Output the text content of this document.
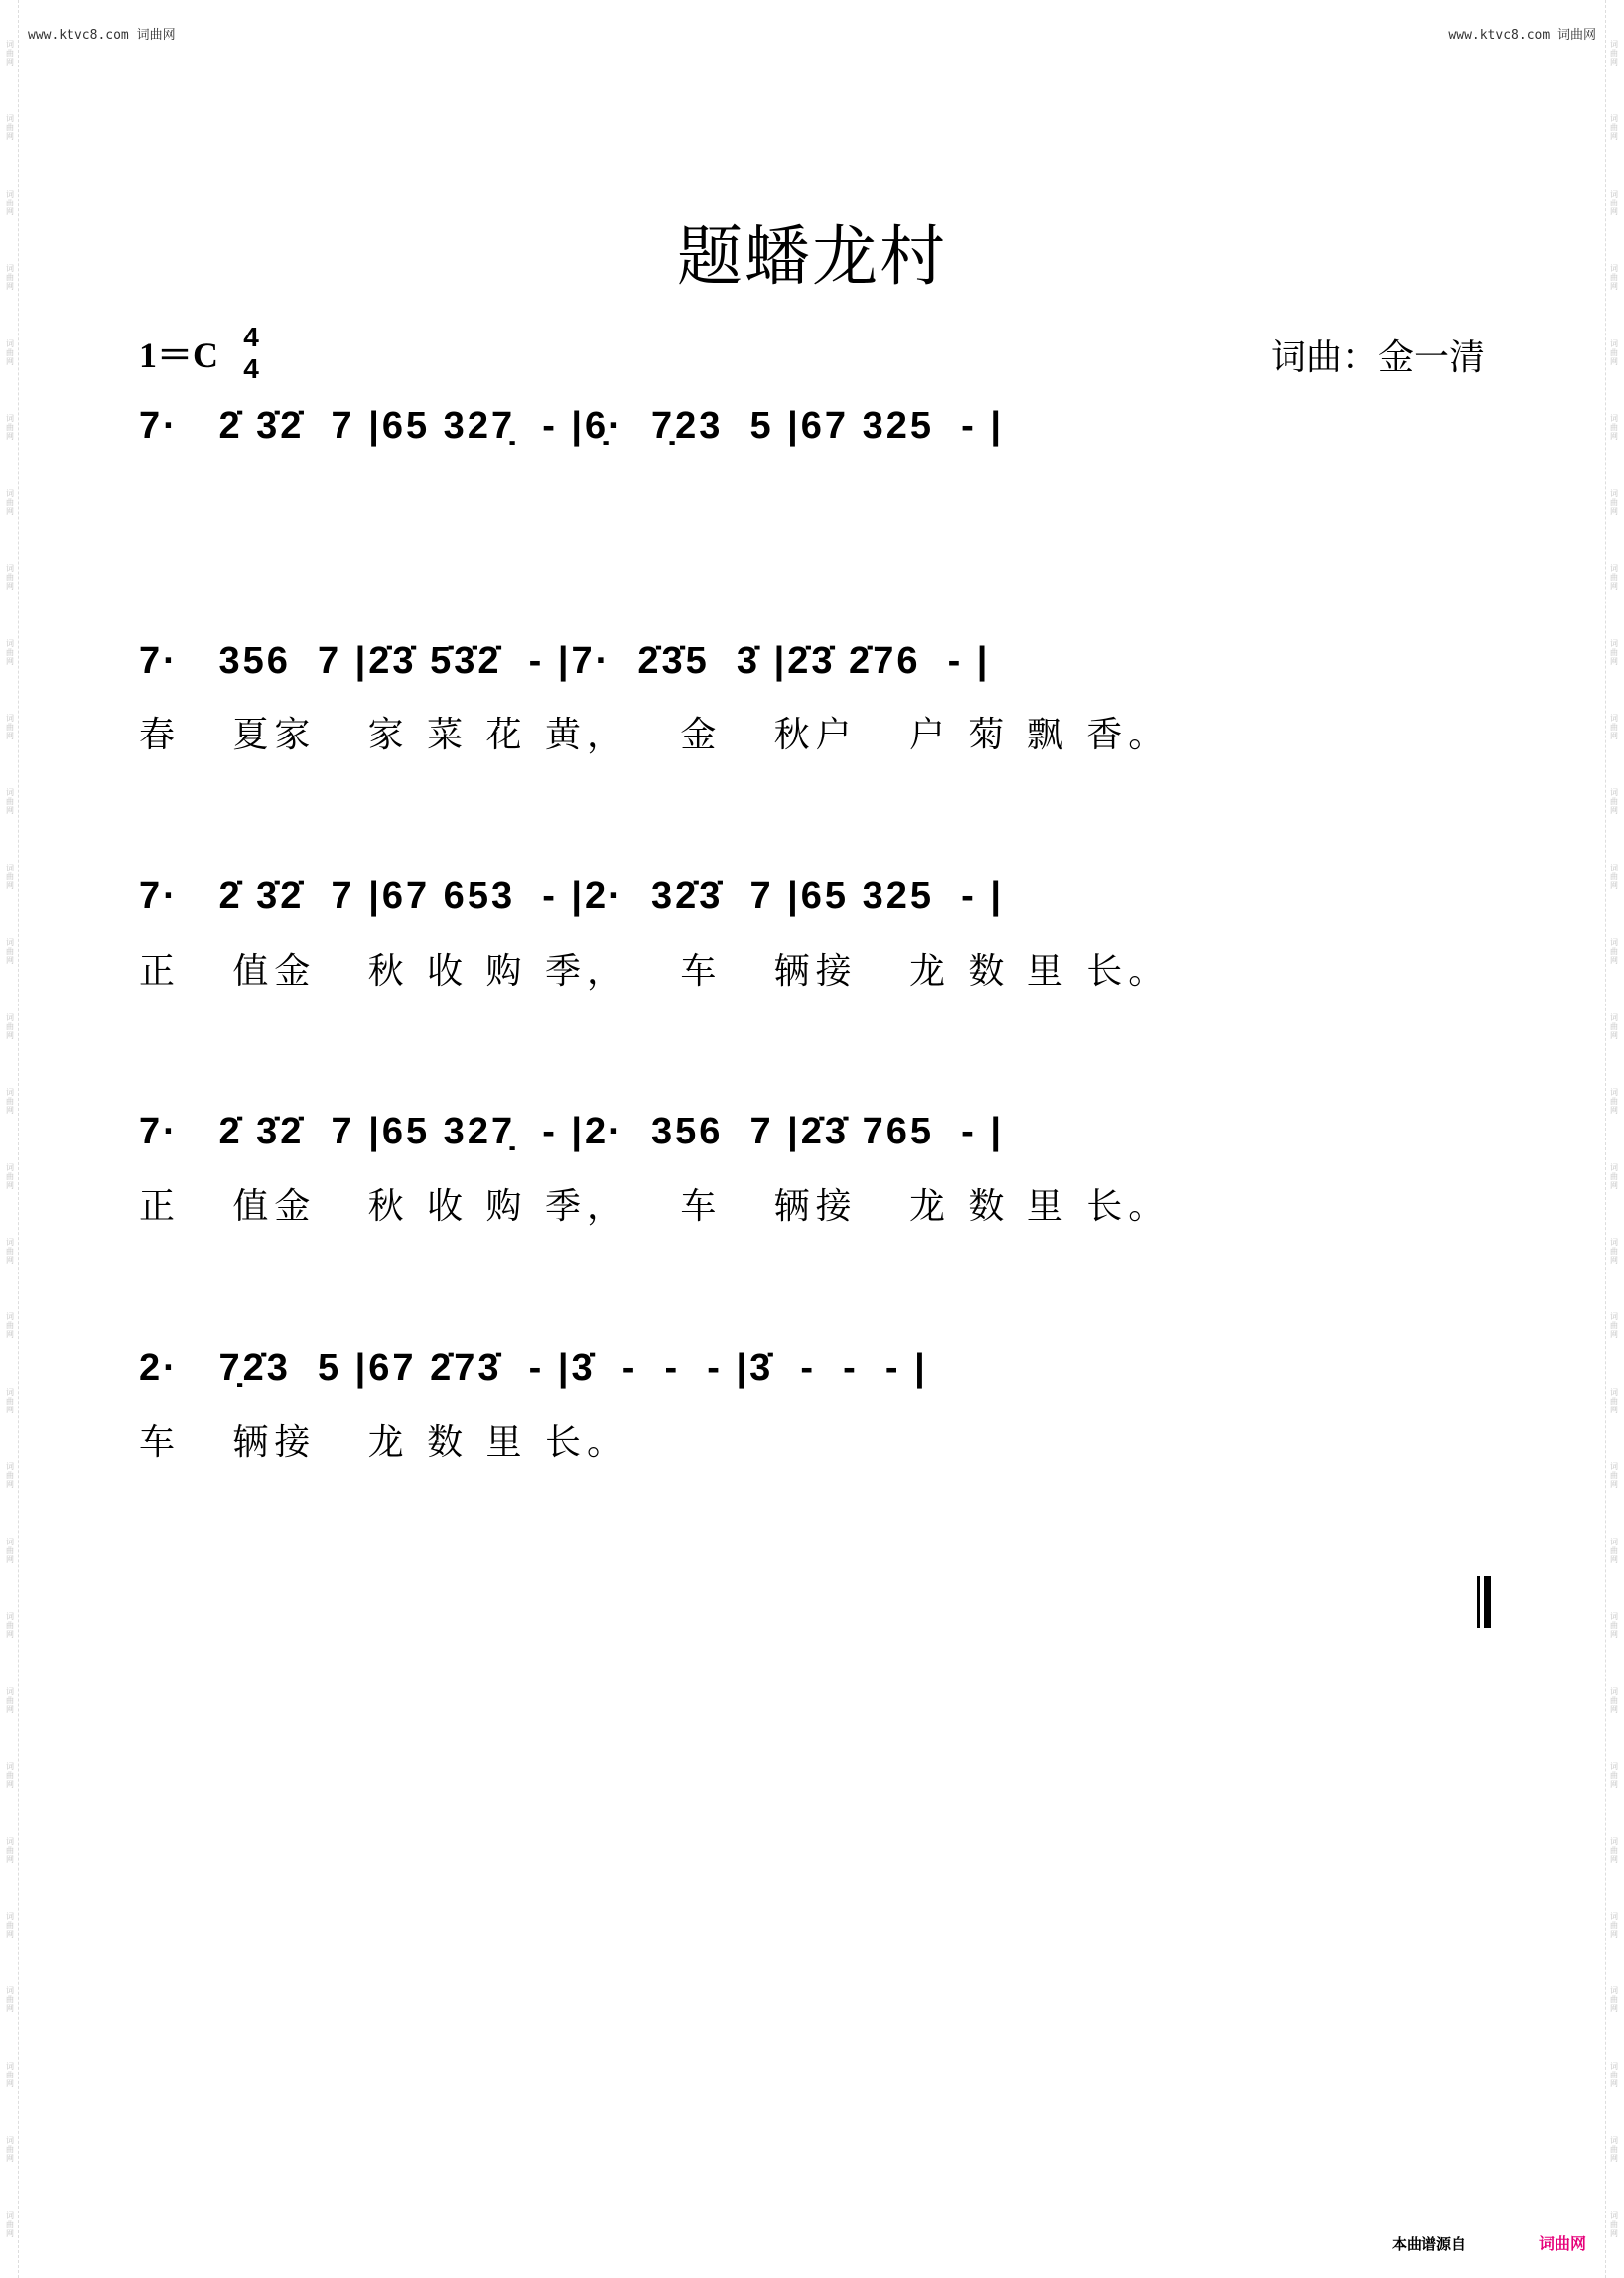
www.ktvc8.com 词曲网	www.ktvc8.com 词曲网
词曲网
词曲网
词曲网
词曲网
词曲网
词曲网
词曲网
词曲网
词曲网
词曲网
词曲网
词曲网
词曲网
词曲网
词曲网
词曲网
词曲网
词曲网
词曲网
词曲网
词曲网
词曲网
词曲网
词曲网
词曲网
词曲网
词曲网
词曲网
词曲网
词曲网
词曲网
词曲网
词曲网
词曲网
词曲网
词曲网
词曲网
词曲网
词曲网
词曲网
词曲网
词曲网
词曲网
词曲网
词曲网
词曲网
词曲网
词曲网
词曲网
词曲网
词曲网
词曲网
词曲网
词曲网
词曲网
词曲网
词曲网
词曲网
词曲网
词曲网
题蟠龙村
1＝C 4
4	词曲：金一清
7·   2̇ 3̇2̇  7 |65 327̣  - |6̣·  7̣23  5 |67 325  - |
7·   356  7 |2̇3̇ 5̇3̇2̇  - |7·  2̇3̇5  3̇ |2̇3̇ 2̇76  - |
春   夏家   家 菜 花 黄，   金   秋户   户 菊 飘 香。
7·   2̇ 3̇2̇  7 |67 653  - |2·  32̇3̇  7 |65 325  - |
正   值金   秋 收 购 季，   车   辆接   龙 数 里 长。
7·   2̇ 3̇2̇  7 |65 327̣  - |2·  356  7 |2̇3̇ 765  - |
正   值金   秋 收 购 季，   车   辆接   龙 数 里 长。
2·   7̣2̇3  5 |67 2̇73̇  - |3̇  -  -  - |3̇  -  -  - |
车   辆接   龙 数 里 长。
本曲谱源自	词曲网
